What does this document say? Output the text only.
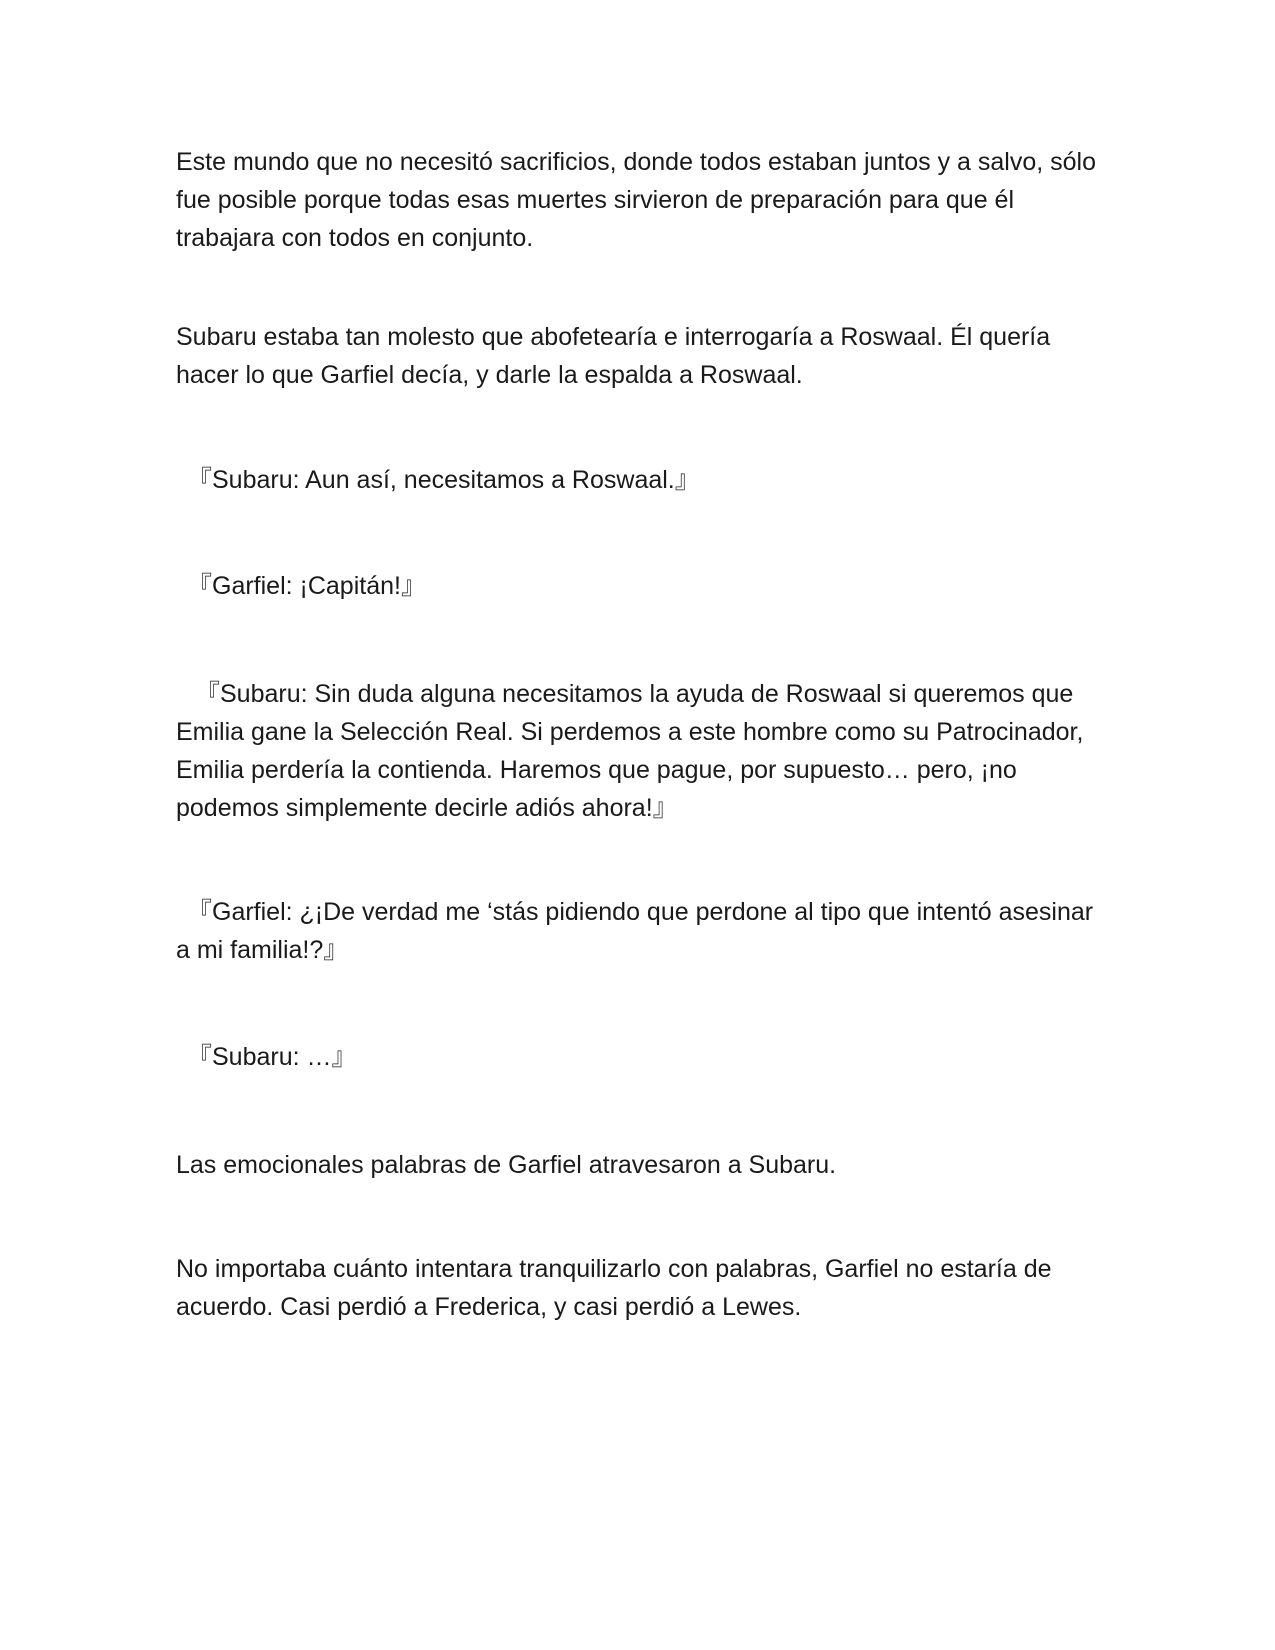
Este mundo que no necesitó sacrificios, donde todos estaban juntos y a salvo, sólo fue posible porque todas esas muertes sirvieron de preparación para que él trabajara con todos en conjunto.

Subaru estaba tan molesto que abofetearía e interrogaría a Roswaal. Él quería hacer lo que Garfiel decía, y darle la espalda a Roswaal.

『Subaru: Aun así, necesitamos a Roswaal.』

『Garfiel: ¡Capitán!』

『Subaru: Sin duda alguna necesitamos la ayuda de Roswaal si queremos que Emilia gane la Selección Real. Si perdemos a este hombre como su Patrocinador, Emilia perdería la contienda. Haremos que pague, por supuesto… pero, ¡no podemos simplemente decirle adiós ahora!』

『Garfiel: ¿¡De verdad me ‘stás pidiendo que perdone al tipo que intentó asesinar a mi familia!?』

『Subaru: …』

Las emocionales palabras de Garfiel atravesaron a Subaru.

No importaba cuánto intentara tranquilizarlo con palabras, Garfiel no estaría de acuerdo. Casi perdió a Frederica, y casi perdió a Lewes.
